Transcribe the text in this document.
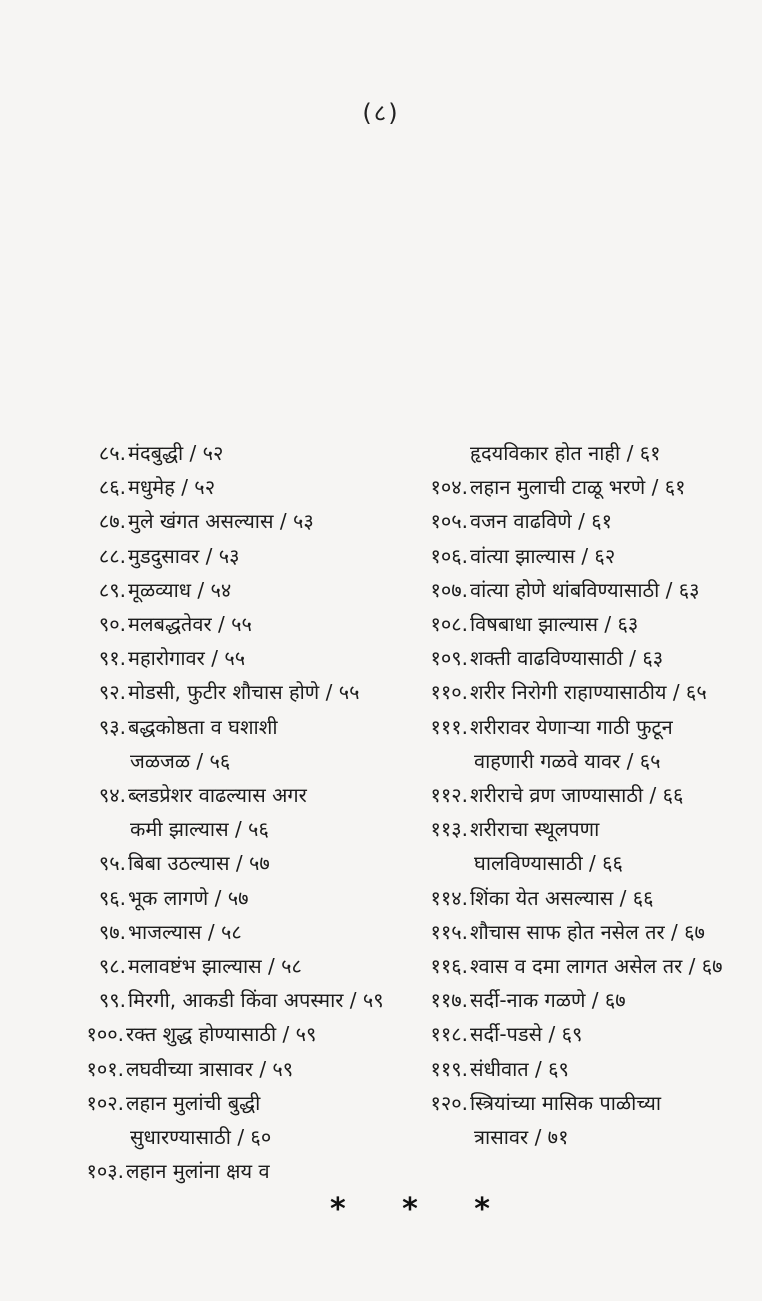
(८)
८५. मंदबुद्धी / ५२
८६. मधुमेह / ५२
८७. मुले खंगत असल्यास / ५३
८८. मुडदुसावर / ५३
८९. मूळव्याध / ५४
९०. मलबद्धतेवर / ५५
९१. महारोगावर / ५५
९२. मोडसी, फुटीर शौचास होणे / ५५
९३. बद्धकोष्ठता व घशाशी
जळजळ / ५६
९४. ब्लडप्रेशर वाढल्यास अगर
कमी झाल्यास / ५६
९५. बिबा उठल्यास / ५७
९६. भूक लागणे / ५७
९७. भाजल्यास / ५८
९८. मलावष्टंभ झाल्यास / ५८
९९. मिरगी, आकडी किंवा अपस्मार / ५९
१००. रक्त शुद्ध होण्यासाठी / ५९
१०१. लघवीच्या त्रासावर / ५९
१०२. लहान मुलांची बुद्धी
सुधारण्यासाठी / ६०
१०३. लहान मुलांना क्षय व
हृदयविकार होत नाही / ६१
१०४. लहान मुलाची टाळू भरणे / ६१
१०५. वजन वाढविणे / ६१
१०६. वांत्या झाल्यास / ६२
१०७. वांत्या होणे थांबविण्यासाठी / ६३
१०८. विषबाधा झाल्यास / ६३
१०९. शक्ती वाढविण्यासाठी / ६३
११०. शरीर निरोगी राहाण्यासाठीय / ६५
१११. शरीरावर येणाऱ्या गाठी फुटून
वाहणारी गळवे यावर / ६५
११२. शरीराचे व्रण जाण्यासाठी / ६६
११३. शरीराचा स्थूलपणा
घालविण्यासाठी / ६६
११४. शिंका येत असल्यास / ६६
११५. शौचास साफ होत नसेल तर / ६७
११६. श्वास व दमा लागत असेल तर / ६७
११७. सर्दी-नाक गळणे / ६७
११८. सर्दी-पडसे / ६९
११९. संधीवात / ६९
१२०. स्त्रियांच्या मासिक पाळीच्या
त्रासावर / ७१
* * *
